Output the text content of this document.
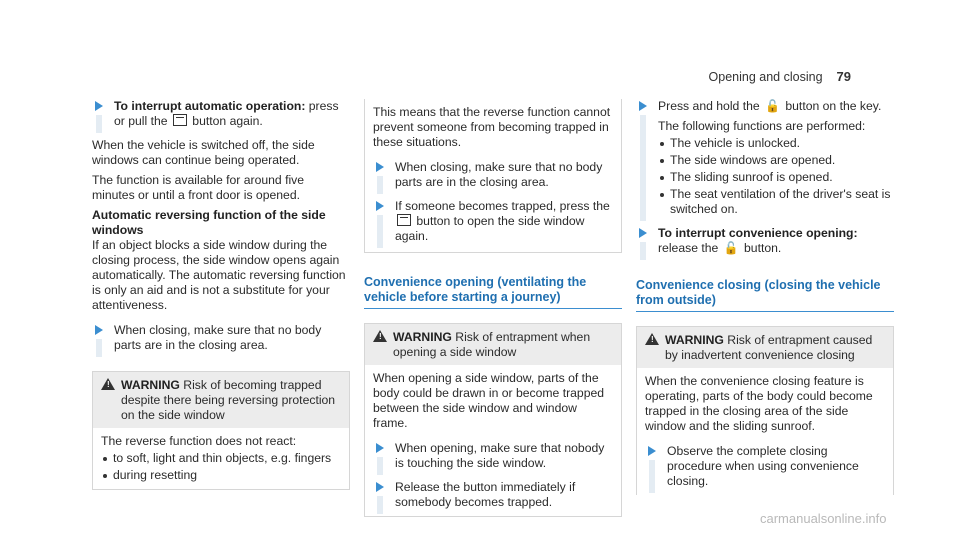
Opening and closing 79
To interrupt automatic operation: press or pull the  button again.

When the vehicle is switched off, the side windows can continue being operated.

The function is available for around five minutes or until a front door is opened.

Automatic reversing function of the side windows

If an object blocks a side window during the closing process, the side window opens again automatically. The automatic reversing function is only an aid and is not a substitute for your attentiveness.

When closing, make sure that no body parts are in the closing area.
! WARNING Risk of becoming trapped despite there being reversing protection on the side window
The reverse function does not react:
to soft, light and thin objects, e.g. fingers
during resetting

This means that the reverse function cannot prevent someone from becoming trapped in these situations.

When closing, make sure that no body parts are in the closing area.
If someone becomes trapped, press the  button to open the side window again.
Convenience opening (ventilating the vehicle before starting a journey)
! WARNING Risk of entrapment when opening a side window

When opening a side window, parts of the body could be drawn in or become trapped between the side window and window frame.

When opening, make sure that nobody is touching the side window.
Release the button immediately if somebody becomes trapped.
Press and hold the 🔓 button on the key.
The following functions are performed:
The vehicle is unlocked.
The side windows are opened.
The sliding sunroof is opened.
The seat ventilation of the driver's seat is switched on.
To interrupt convenience opening: release the 🔓 button.
Convenience closing (closing the vehicle from outside)
! WARNING Risk of entrapment caused by inadvertent convenience closing

When the convenience closing feature is operating, parts of the body could become trapped in the closing area of the side window and the sliding sunroof.

Observe the complete closing procedure when using convenience closing.
carmanualsonline.info
